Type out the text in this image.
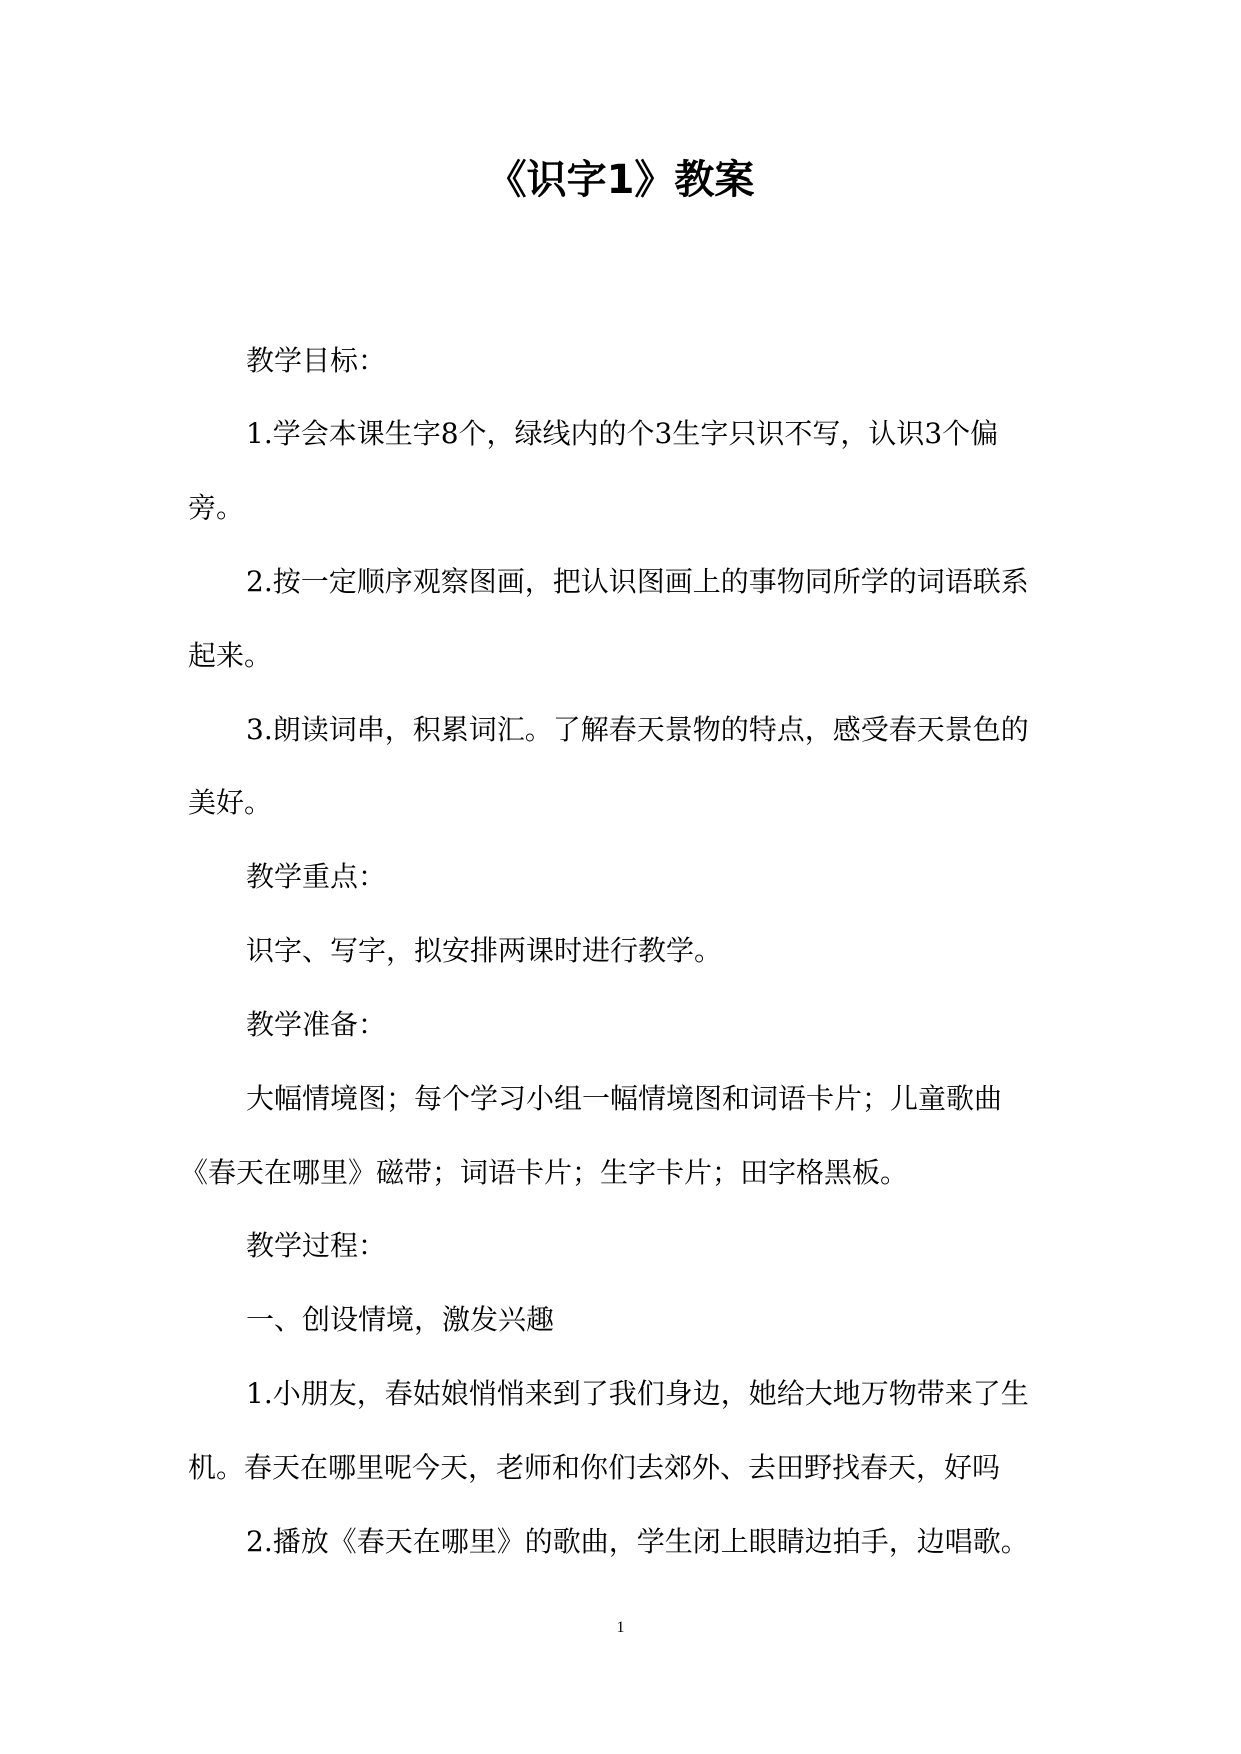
《识字1》教案

教学目标：

1.学会本课生字8个，绿线内的个3生字只识不写，认识3个偏

旁。

2.按一定顺序观察图画，把认识图画上的事物同所学的词语联系

起来。

3.朗读词串，积累词汇。了解春天景物的特点，感受春天景色的

美好。

教学重点：

识字、写字，拟安排两课时进行教学。

教学准备：

大幅情境图；每个学习小组一幅情境图和词语卡片；儿童歌曲

《春天在哪里》磁带；词语卡片；生字卡片；田字格黑板。

教学过程：

一、创设情境，激发兴趣

1.小朋友，春姑娘悄悄来到了我们身边，她给大地万物带来了生

机。春天在哪里呢今天，老师和你们去郊外、去田野找春天，好吗

2.播放《春天在哪里》的歌曲，学生闭上眼睛边拍手，边唱歌。

1
